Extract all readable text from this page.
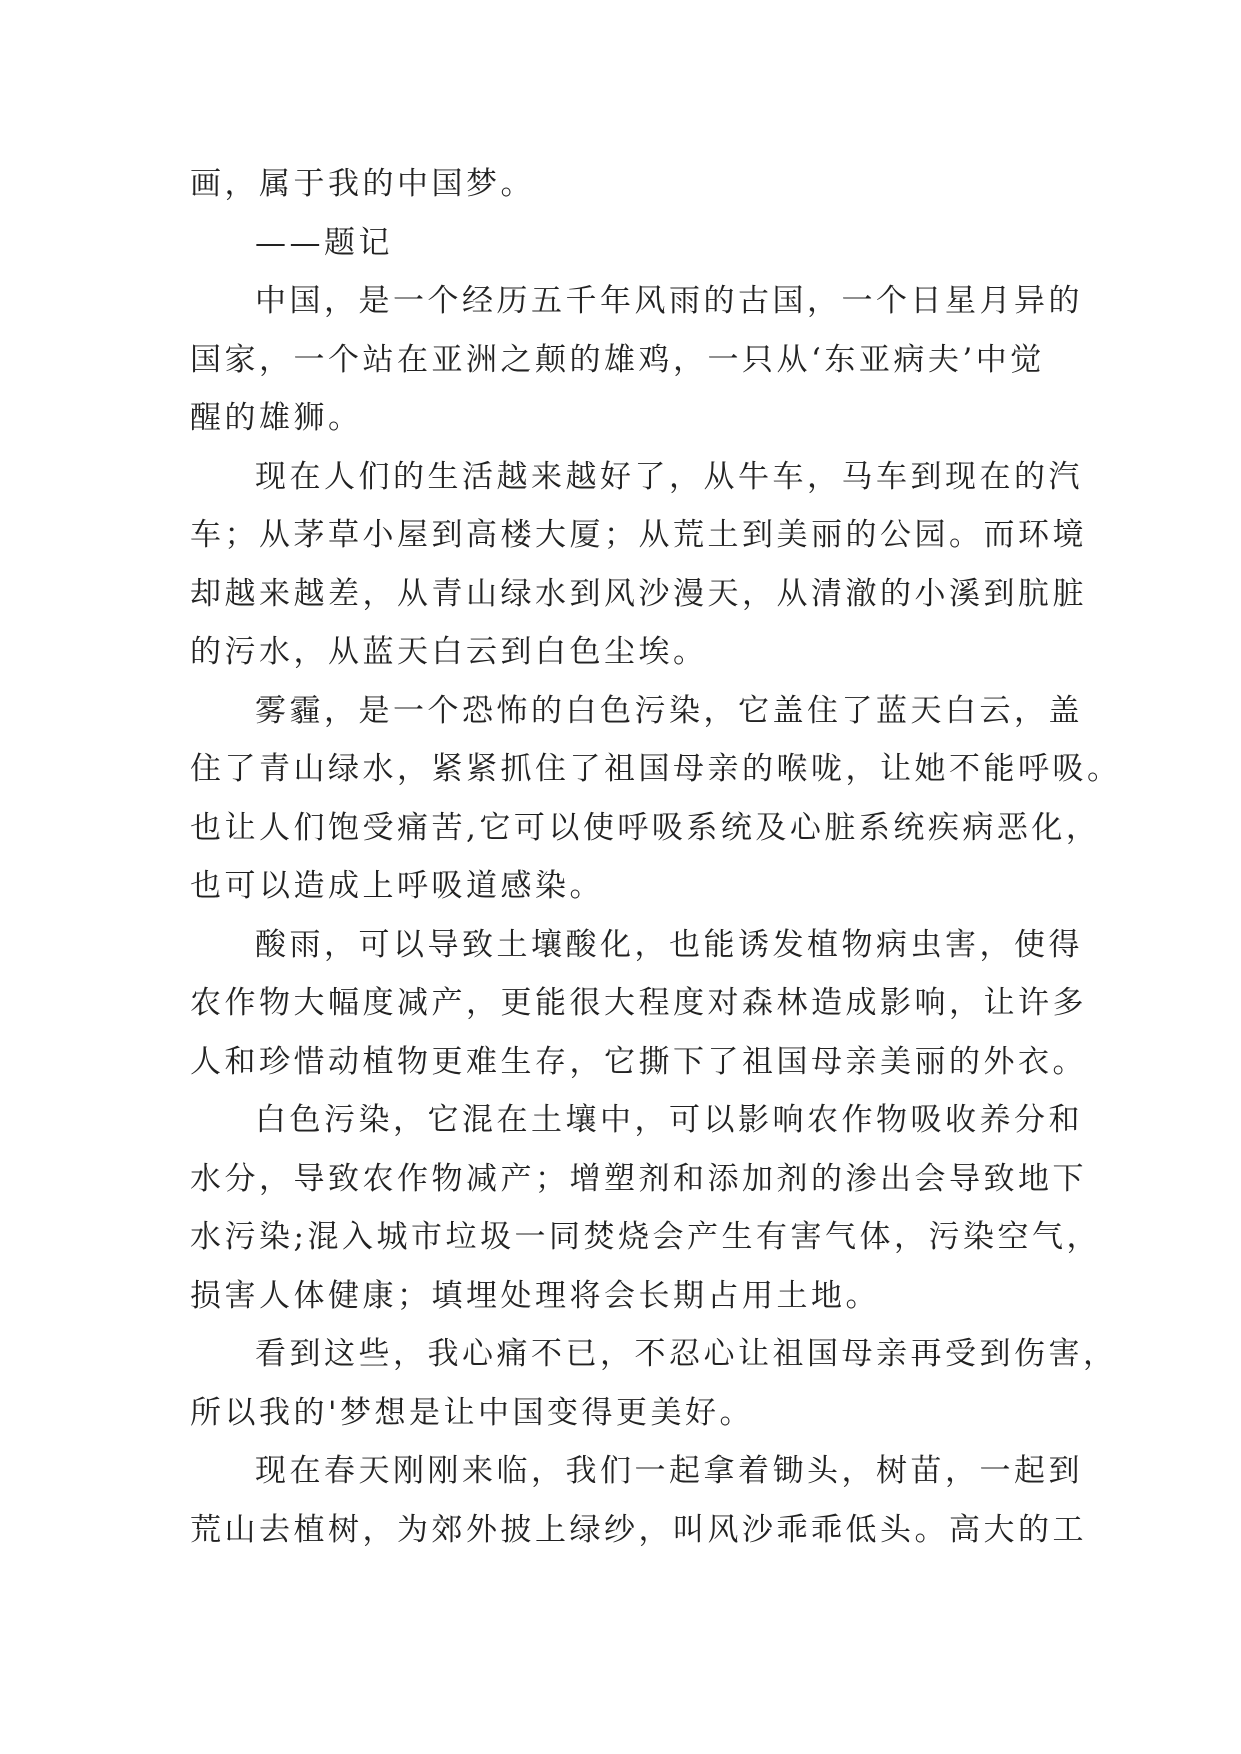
画，属于我的中国梦。
——题记
中国，是一个经历五千年风雨的古国，一个日星月异的
国家，一个站在亚洲之颠的雄鸡，一只从‘东亚病夫’中觉
醒的雄狮。
现在人们的生活越来越好了，从牛车，马车到现在的汽
车；从茅草小屋到高楼大厦；从荒土到美丽的公园。而环境
却越来越差，从青山绿水到风沙漫天，从清澈的小溪到肮脏
的污水，从蓝天白云到白色尘埃。
雾霾，是一个恐怖的白色污染，它盖住了蓝天白云，盖
住了青山绿水，紧紧抓住了祖国母亲的喉咙，让她不能呼吸。
也让人们饱受痛苦,它可以使呼吸系统及心脏系统疾病恶化，
也可以造成上呼吸道感染。
酸雨，可以导致土壤酸化，也能诱发植物病虫害，使得
农作物大幅度减产，更能很大程度对森林造成影响，让许多
人和珍惜动植物更难生存，它撕下了祖国母亲美丽的外衣。
白色污染，它混在土壤中，可以影响农作物吸收养分和
水分，导致农作物减产；增塑剂和添加剂的渗出会导致地下
水污染;混入城市垃圾一同焚烧会产生有害气体，污染空气，
损害人体健康；填埋处理将会长期占用土地。
看到这些，我心痛不已，不忍心让祖国母亲再受到伤害，
所以我的'梦想是让中国变得更美好。
现在春天刚刚来临，我们一起拿着锄头，树苗，一起到
荒山去植树，为郊外披上绿纱，叫风沙乖乖低头。高大的工
